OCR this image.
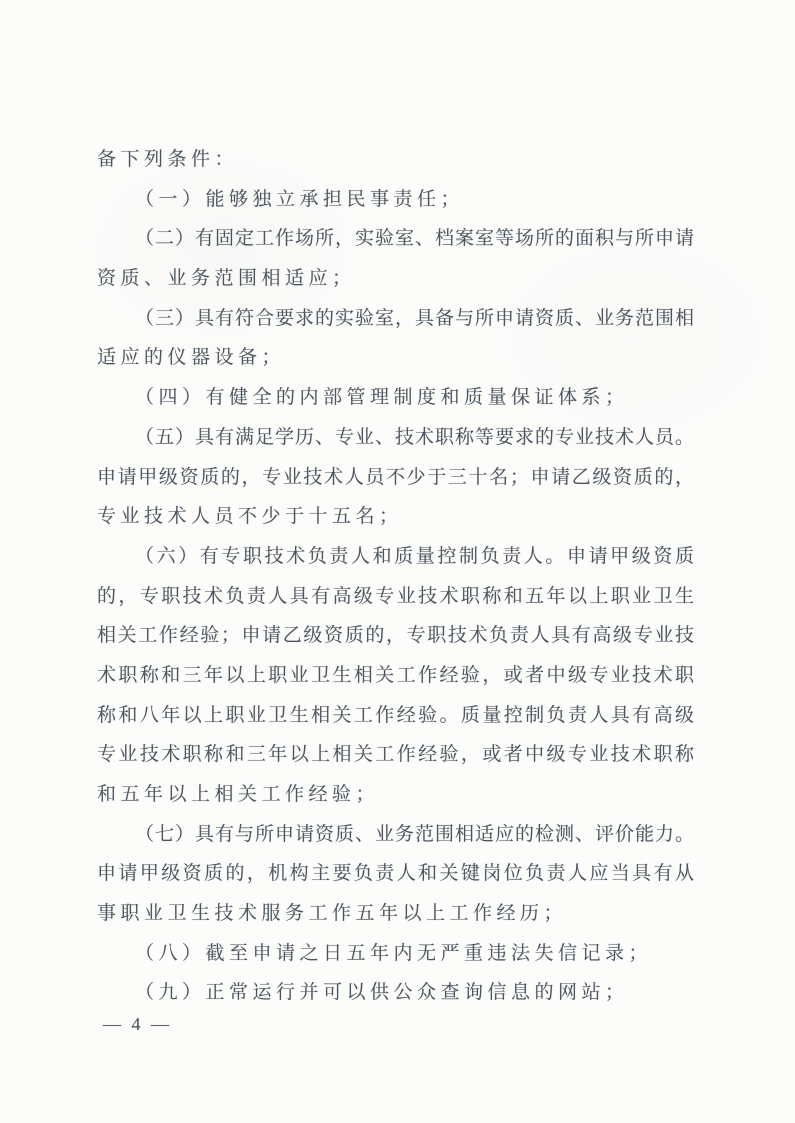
备下列条件：
（一）能够独立承担民事责任；
（二）有固定工作场所，实验室、档案室等场所的面积与所申请
资质、业务范围相适应；
（三）具有符合要求的实验室，具备与所申请资质、业务范围相
适应的仪器设备；
（四）有健全的内部管理制度和质量保证体系；
（五）具有满足学历、专业、技术职称等要求的专业技术人员。
申请甲级资质的，专业技术人员不少于三十名；申请乙级资质的，
专业技术人员不少于十五名；
（六）有专职技术负责人和质量控制负责人。申请甲级资质
的，专职技术负责人具有高级专业技术职称和五年以上职业卫生
相关工作经验；申请乙级资质的，专职技术负责人具有高级专业技
术职称和三年以上职业卫生相关工作经验，或者中级专业技术职
称和八年以上职业卫生相关工作经验。质量控制负责人具有高级
专业技术职称和三年以上相关工作经验，或者中级专业技术职称
和五年以上相关工作经验；
（七）具有与所申请资质、业务范围相适应的检测、评价能力。
申请甲级资质的，机构主要负责人和关键岗位负责人应当具有从
事职业卫生技术服务工作五年以上工作经历；
（八）截至申请之日五年内无严重违法失信记录；
（九）正常运行并可以供公众查询信息的网站；
— 4 —
